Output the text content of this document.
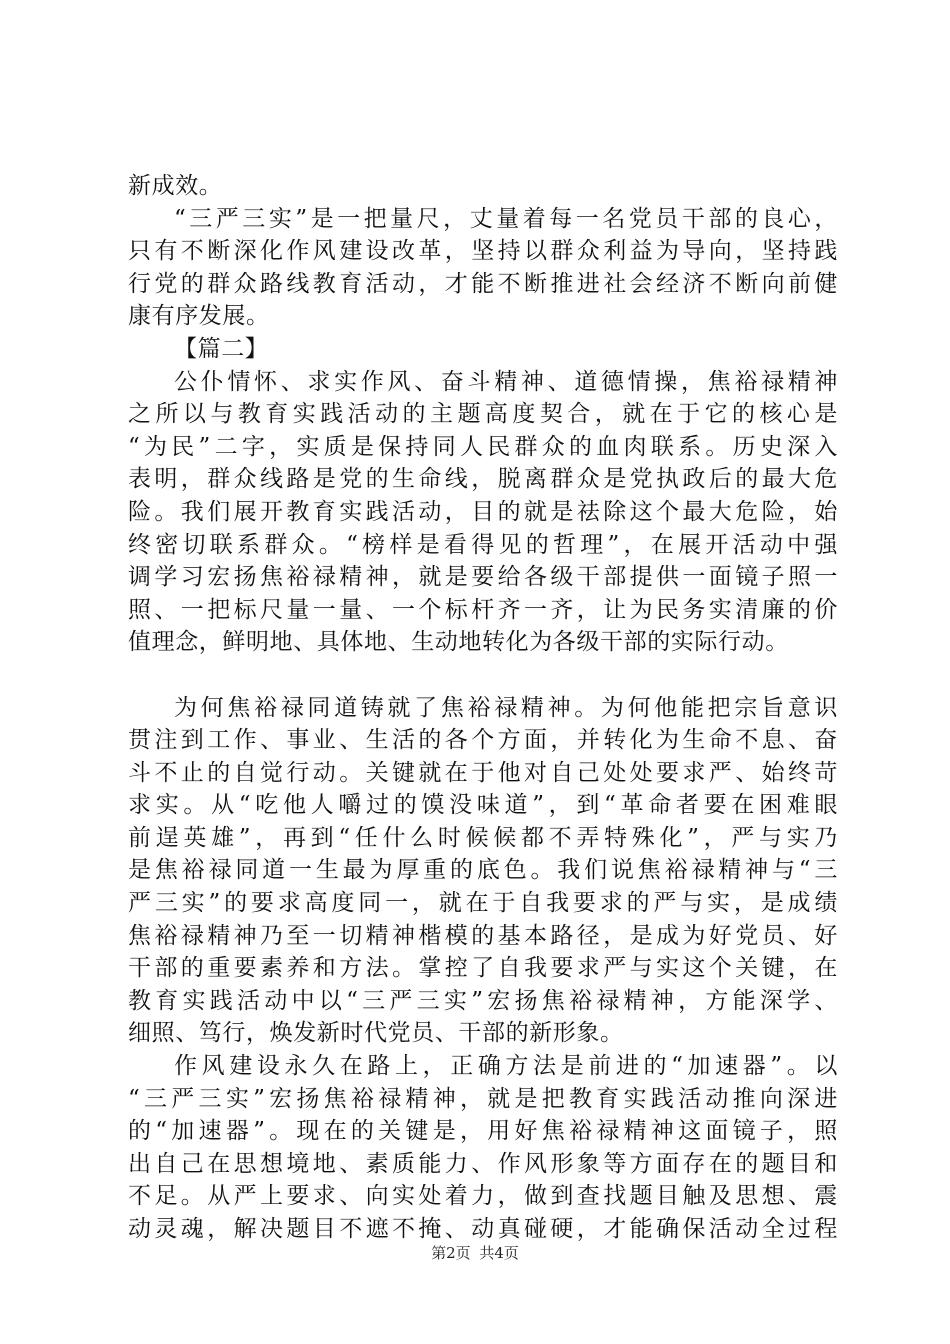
新成效。
“三严三实”是一把量尺，丈量着每一名党员干部的良心，
只有不断深化作风建设改革，坚持以群众利益为导向，坚持践
行党的群众路线教育活动，才能不断推进社会经济不断向前健
康有序发展。
【篇二】
公仆情怀、求实作风、奋斗精神、道德情操，焦裕禄精神
之所以与教育实践活动的主题高度契合，就在于它的核心是
“为民”二字，实质是保持同人民群众的血肉联系。历史深入
表明，群众线路是党的生命线，脱离群众是党执政后的最大危
险。我们展开教育实践活动，目的就是祛除这个最大危险，始
终密切联系群众。“榜样是看得见的哲理”，在展开活动中强
调学习宏扬焦裕禄精神，就是要给各级干部提供一面镜子照一
照、一把标尺量一量、一个标杆齐一齐，让为民务实清廉的价
值理念，鲜明地、具体地、生动地转化为各级干部的实际行动。
为何焦裕禄同道铸就了焦裕禄精神。为何他能把宗旨意识
贯注到工作、事业、生活的各个方面，并转化为生命不息、奋
斗不止的自觉行动。关键就在于他对自己处处要求严、始终苛
求实。从“吃他人嚼过的馍没味道”，到“革命者要在困难眼
前逞英雄”，再到“任什么时候候都不弄特殊化”，严与实乃
是焦裕禄同道一生最为厚重的底色。我们说焦裕禄精神与“三
严三实”的要求高度同一，就在于自我要求的严与实，是成绩
焦裕禄精神乃至一切精神楷模的基本路径，是成为好党员、好
干部的重要素养和方法。掌控了自我要求严与实这个关键，在
教育实践活动中以“三严三实”宏扬焦裕禄精神，方能深学、
细照、笃行，焕发新时代党员、干部的新形象。
作风建设永久在路上，正确方法是前进的“加速器”。以
“三严三实”宏扬焦裕禄精神，就是把教育实践活动推向深进
的“加速器”。现在的关键是，用好焦裕禄精神这面镜子，照
出自己在思想境地、素质能力、作风形象等方面存在的题目和
不足。从严上要求、向实处着力，做到查找题目触及思想、震
动灵魂，解决题目不遮不掩、动真碰硬，才能确保活动全过程
第2页 共4页
